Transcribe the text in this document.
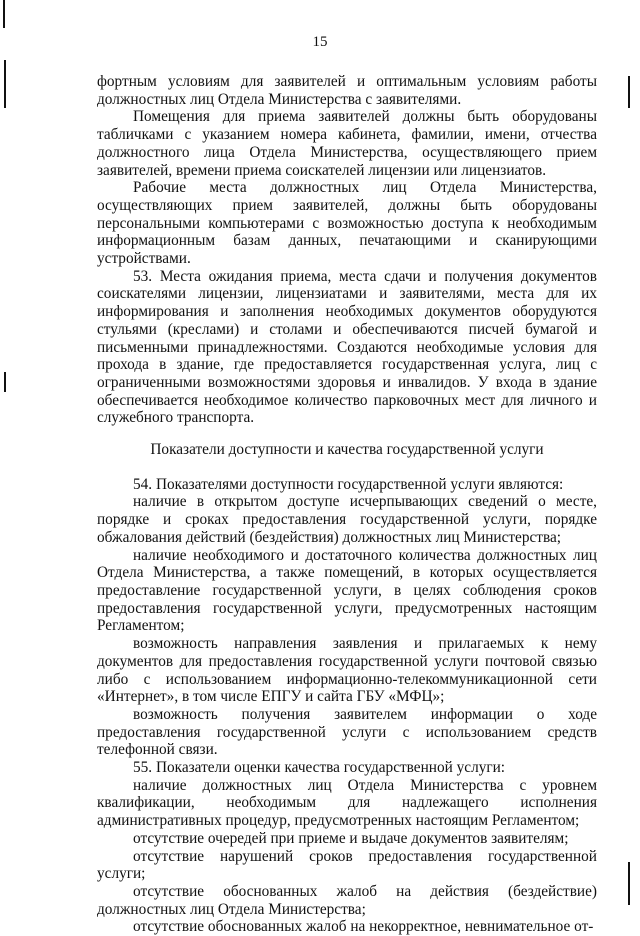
15

фортным условиям для заявителей и оптимальным условиям работы должностных лиц Отдела Министерства с заявителями.

Помещения для приема заявителей должны быть оборудованы табличками с указанием номера кабинета, фамилии, имени, отчества должностного лица Отдела Министерства, осуществляющего прием заявителей, времени приема соискателей лицензии или лицензиатов.

Рабочие места должностных лиц Отдела Министерства, осуществляющих прием заявителей, должны быть оборудованы персональными компьютерами с возможностью доступа к необходимым информационным базам данных, печатающими и сканирующими устройствами.

53. Места ожидания приема, места сдачи и получения документов соискателями лицензии, лицензиатами и заявителями, места для их информирования и заполнения необходимых документов оборудуются стульями (креслами) и столами и обеспечиваются писчей бумагой и письменными принадлежностями. Создаются необходимые условия для прохода в здание, где предоставляется государственная услуга, лиц с ограниченными возможностями здоровья и инвалидов. У входа в здание обеспечивается необходимое количество парковочных мест для личного и служебного транспорта.

Показатели доступности и качества государственной услуги

54. Показателями доступности государственной услуги являются:

наличие в открытом доступе исчерпывающих сведений о месте, порядке и сроках предоставления государственной услуги, порядке обжалования действий (бездействия) должностных лиц Министерства;

наличие необходимого и достаточного количества должностных лиц Отдела Министерства, а также помещений, в которых осуществляется предоставление государственной услуги, в целях соблюдения сроков предоставления государственной услуги, предусмотренных настоящим Регламентом;

возможность направления заявления и прилагаемых к нему документов для предоставления государственной услуги почтовой связью либо с использованием информационно-телекоммуникационной сети «Интернет», в том числе ЕПГУ и сайта ГБУ «МФЦ»;

возможность получения заявителем информации о ходе предоставления государственной услуги с использованием средств телефонной связи.

55. Показатели оценки качества государственной услуги:

наличие должностных лиц Отдела Министерства с уровнем квалификации, необходимым для надлежащего исполнения административных процедур, предусмотренных настоящим Регламентом;

отсутствие очередей при приеме и выдаче документов заявителям;

отсутствие нарушений сроков предоставления государственной услуги;

отсутствие обоснованных жалоб на действия (бездействие) должностных лиц Отдела Министерства;

отсутствие обоснованных жалоб на некорректное, невнимательное от-
